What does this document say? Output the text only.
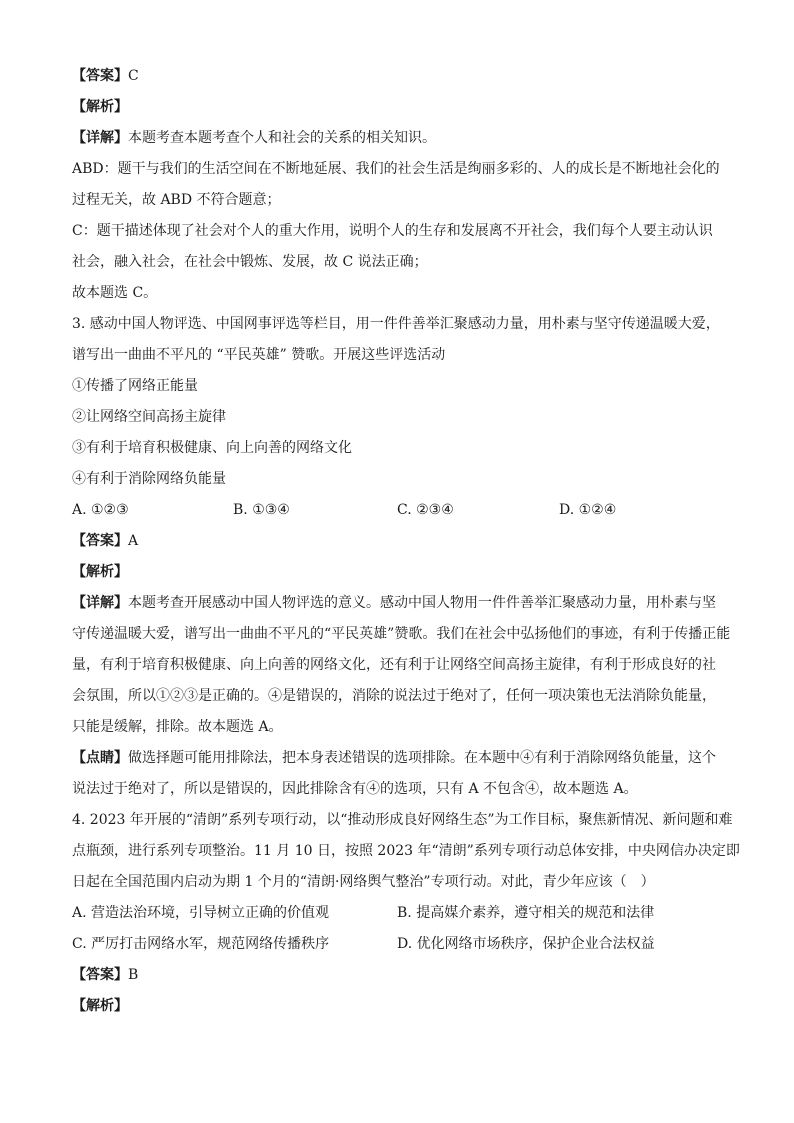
【答案】C
【解析】
【详解】本题考查本题考查个人和社会的关系的相关知识。
ABD：题干与我们的生活空间在不断地延展、我们的社会生活是绚丽多彩的、人的成长是不断地社会化的
过程无关，故 ABD 不符合题意；
C：题干描述体现了社会对个人的重大作用，说明个人的生存和发展离不开社会，我们每个人要主动认识
社会，融入社会，在社会中锻炼、发展，故 C 说法正确；
故本题选 C。
3. 感动中国人物评选、中国网事评选等栏目，用一件件善举汇聚感动力量，用朴素与坚守传递温暖大爱，
谱写出一曲曲不平凡的 “平民英雄” 赞歌。开展这些评选活动
①传播了网络正能量
②让网络空间高扬主旋律
③有利于培育积极健康、向上向善的网络文化
④有利于消除网络负能量
A. ①②③	B. ①③④	C. ②③④	D. ①②④
【答案】A
【解析】
【详解】本题考查开展感动中国人物评选的意义。感动中国人物用一件件善举汇聚感动力量，用朴素与坚
守传递温暖大爱，谱写出一曲曲不平凡的“平民英雄”赞歌。我们在社会中弘扬他们的事迹，有利于传播正能
量，有利于培育积极健康、向上向善的网络文化，还有利于让网络空间高扬主旋律，有利于形成良好的社
会氛围，所以①②③是正确的。④是错误的，消除的说法过于绝对了，任何一项决策也无法消除负能量，
只能是缓解，排除。故本题选 A。
【点睛】做选择题可能用排除法，把本身表述错误的选项排除。在本题中④有利于消除网络负能量，这个
说法过于绝对了，所以是错误的，因此排除含有④的选项，只有 A 不包含④，故本题选 A。
4. 2023 年开展的“清朗”系列专项行动，以“推动形成良好网络生态”为工作目标，聚焦新情况、新问题和难
点瓶颈，进行系列专项整治。11 月 10 日，按照 2023 年“清朗”系列专项行动总体安排，中央网信办决定即
日起在全国范围内启动为期 1 个月的“清朗·网络舆气整治”专项行动。对此，青少年应该（　）
A. 营造法治环境，引导树立正确的价值观	B. 提高媒介素养，遵守相关的规范和法律
C. 严厉打击网络水军，规范网络传播秩序	D. 优化网络市场秩序，保护企业合法权益
【答案】B
【解析】
